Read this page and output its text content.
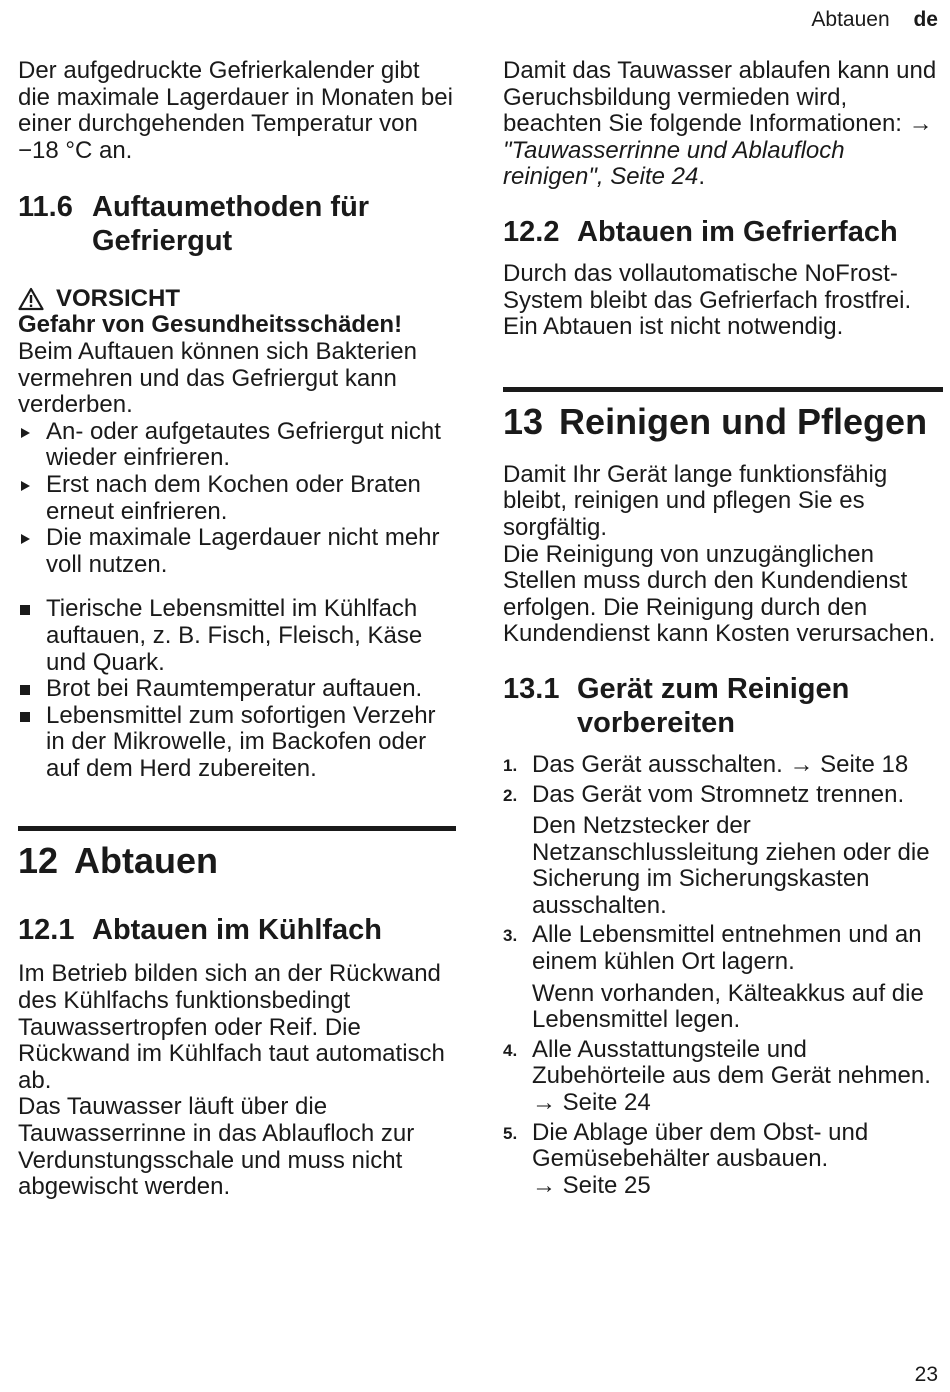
Abtauen de

Der aufgedruckte Gefrierkalender gibt die maximale Lagerdauer in Monaten bei einer durchgehenden Temperatur von −18 °C an.

11.6 Auftaumethoden für Gefriergut
VORSICHT

Gefahr von Gesundheitsschäden!

Beim Auftauen können sich Bakterien vermehren und das Gefriergut kann verderben.

An- oder aufgetautes Gefriergut nicht wieder einfrieren.
Erst nach dem Kochen oder Braten erneut einfrieren.
Die maximale Lagerdauer nicht mehr voll nutzen.
Tierische Lebensmittel im Kühlfach auftauen, z. B. Fisch, Fleisch, Käse und Quark.
Brot bei Raumtemperatur auftauen.
Lebensmittel zum sofortigen Verzehr in der Mikrowelle, im Backofen oder auf dem Herd zubereiten.
12 Abtauen
12.1 Abtauen im Kühlfach

Im Betrieb bilden sich an der Rückwand des Kühlfachs funktionsbedingt Tauwassertropfen oder Reif. Die Rückwand im Kühlfach taut automatisch ab.

Das Tauwasser läuft über die Tauwasserrinne in das Ablaufloch zur Verdunstungsschale und muss nicht abgewischt werden.

Damit das Tauwasser ablaufen kann und Geruchsbildung vermieden wird, beachten Sie folgende Informationen: → "Tauwasserrinne und Ablaufloch reinigen", Seite 24.

12.2 Abtauen im Gefrierfach

Durch das vollautomatische NoFrost-System bleibt das Gefrierfach frostfrei. Ein Abtauen ist nicht notwendig.

13 Reinigen und Pflegen

Damit Ihr Gerät lange funktionsfähig bleibt, reinigen und pflegen Sie es sorgfältig.

Die Reinigung von unzugänglichen Stellen muss durch den Kundendienst erfolgen. Die Reinigung durch den Kundendienst kann Kosten verursachen.

13.1 Gerät zum Reinigen vorbereiten
1. Das Gerät ausschalten. → Seite 18
2. Das Gerät vom Stromnetz trennen.
Den Netzstecker der Netzanschlussleitung ziehen oder die Sicherung im Sicherungskasten ausschalten.
3. Alle Lebensmittel entnehmen und an einem kühlen Ort lagern.
Wenn vorhanden, Kälteakkus auf die Lebensmittel legen.
4. Alle Ausstattungsteile und Zubehörteile aus dem Gerät nehmen.
→ Seite 24
5. Die Ablage über dem Obst- und Gemüsebehälter ausbauen.
→ Seite 25
23
